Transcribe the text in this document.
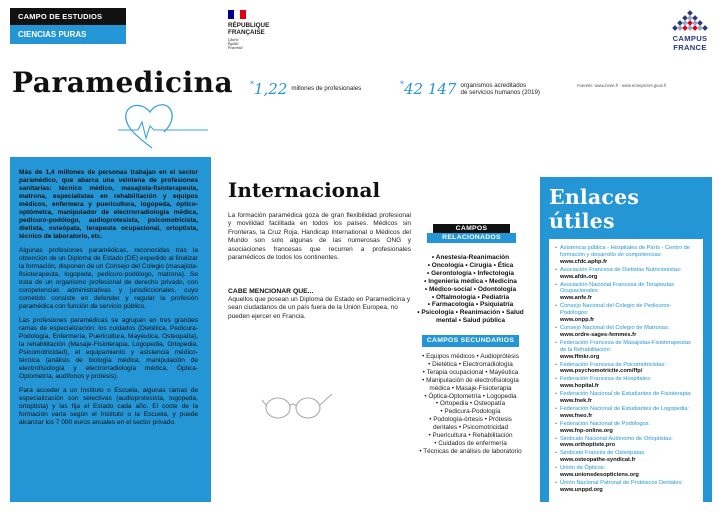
CAMPO DE ESTUDIOS
CIENCIAS PURAS
RÉPUBLIQUE
FRANÇAISE
Liberté
Égalité
Fraternité
CAMPUS
FRANCE
Paramedicina *1,22 millones de profesionales	*42 147 organismos acreditados
de servicios humanos (2019)
Fuentes: www.insee.fr - www.entreprises.gouv.fr

Más de 1,4 millones de personas trabajan en el sector paramédico, que abarca una veintena de profesiones sanitarias: técnico médico, masajista-fisioterapeuta, matrona, especialistas en rehabilitación y equipos médicos, enfermera y puericultora, logopeda, óptico-optómetra, manipulador de electrorradiología médica, pedicuro-podólogo, audioprotesista, psicomotricista, dietista, osteópata, terapeuta ocupacional, ortoptista, técnico de laboratorio, etc.

Algunas profesiones paramédicas, reconocidas tras la obtención de un Diploma de Estado (DE) expedido al finalizar la formación, disponen de un Consejo del Colegio (masajista-fisioterapeuta, logopeda, pedicuro-podólogo, matrona). Se trata de un organismo profesional de derecho privado, con competencias administrativas y jurisdiccionales, cuyo cometido consiste en defender y regular la profesión paramédica con función de servicio público.

Las profesiones paramédicas se agrupan en tres grandes ramas de especialización: los cuidados (Dietética, Pedicura-Podología, Enfermería, Puericultura, Mayéutica, Osteopatía), la rehabilitación (Masaje-Fisioterapia, Logopedia, Ortopedia, Psicomotricidad), el equipamiento y asistencia médico-técnica (análisis de biología médica, manipulación de electrofisiología y electrorradiología médica, Óptica-Optometría, audífonos y prótesis).

Para acceder a un Instituto o Escuela, algunas ramas de especialización son selectivas (audioprotesista, logopeda, ortoptista) y las fija el Estado cada año. El coste de la formación varía según el Instituto o la Escuela, y puede alcanzar los 7 000 euros anuales en el sector privado.

Internacional
La formación paramédica goza de gran flexibilidad profesional y movilidad facilitada en todos los países. Médicos sin Fronteras, la Cruz Roja, Handicap International o Médicos del Mundo son solo algunas de las numerosas ONG y asociaciones francesas que recurren a profesionales paramédicos de todos los continentes.
CABE MENCIONAR QUE...
Aquellos que posean un Diploma de Estado en Paramedicina y sean ciudadanos de un país fuera de la Unión Europea, no pueden ejercer en Francia.
CAMPOS
RELACIONADOS
• Anestesia-Reanimación
• Oncología • Cirugía • Ética
• Gerontología • Infectología
• Ingeniería médica • Medicina
• Médico-social • Odontología
• Oftalmología • Pediatría
• Farmacología • Psiquiatría
• Psicología • Reanimación • Salud
mental • Salud pública
CAMPOS SECUNDARIOS
• Equipos médicos • Audioprótesis
• Dietética • Electrorradiología
• Terapia ocupacional • Mayéutica
• Manipulación de electrofisiología
médica • Masaje-Fisioterapia
• Óptica-Optometría • Logopedia
• Ortopedia • Osteopatía
• Pedicura-Podología
• Podología-órtesis • Prótesis
dentales • Psicomotricidad
• Puericultura • Rehabilitación
• Cuidados de enfermería
• Técnicas de análisis de laboratorio
Enlaces útiles
• Asistencia pública - Hospitales de París - Centro de formación y desarrollo de competencias:
www.cfdc.aphp.fr
• Asociación Francesa de Dietistas Nutricionistas:
www.afdn.org
• Asociación Nacional Francesa de Terapeutas Ocupacionales:
www.anfe.fr
• Consejo Nacional del Colegio de Pedicuros-Podólogos:
www.onpp.fr
• Consejo Nacional del Colegio de Matronas:
www.ordre-sages-femmes.fr
• Federación Francesa de Masajistas-Fisioterapeutas de la Rehabilitación:
www.ffmkr.org
• Federación Francesa de Psicomotricistas:
www.psychomotricite.com/ffp/
• Federación Francesa de Hospitales:
www.hopital.fr
• Federación Nacional de Estudiantes de Fisioterapia:
www.fnek.fr
• Federación Nacional de Estudiantes de Logopedia:
www.fneo.fr
• Federación Nacional de Podólogos:
www.fnp-online.org
• Sindicato Nacional Autónomo de Ortoptistas:
www.orthoptiste.pro
• Sindicato Francés de Osteópatas:
www.osteopathe-syndicat.fr
• Unión de Ópticos:
www.unionsdesopticiens.org
• Unión Nacional Patronal de Protésicos Dentales:
www.unppd.org
